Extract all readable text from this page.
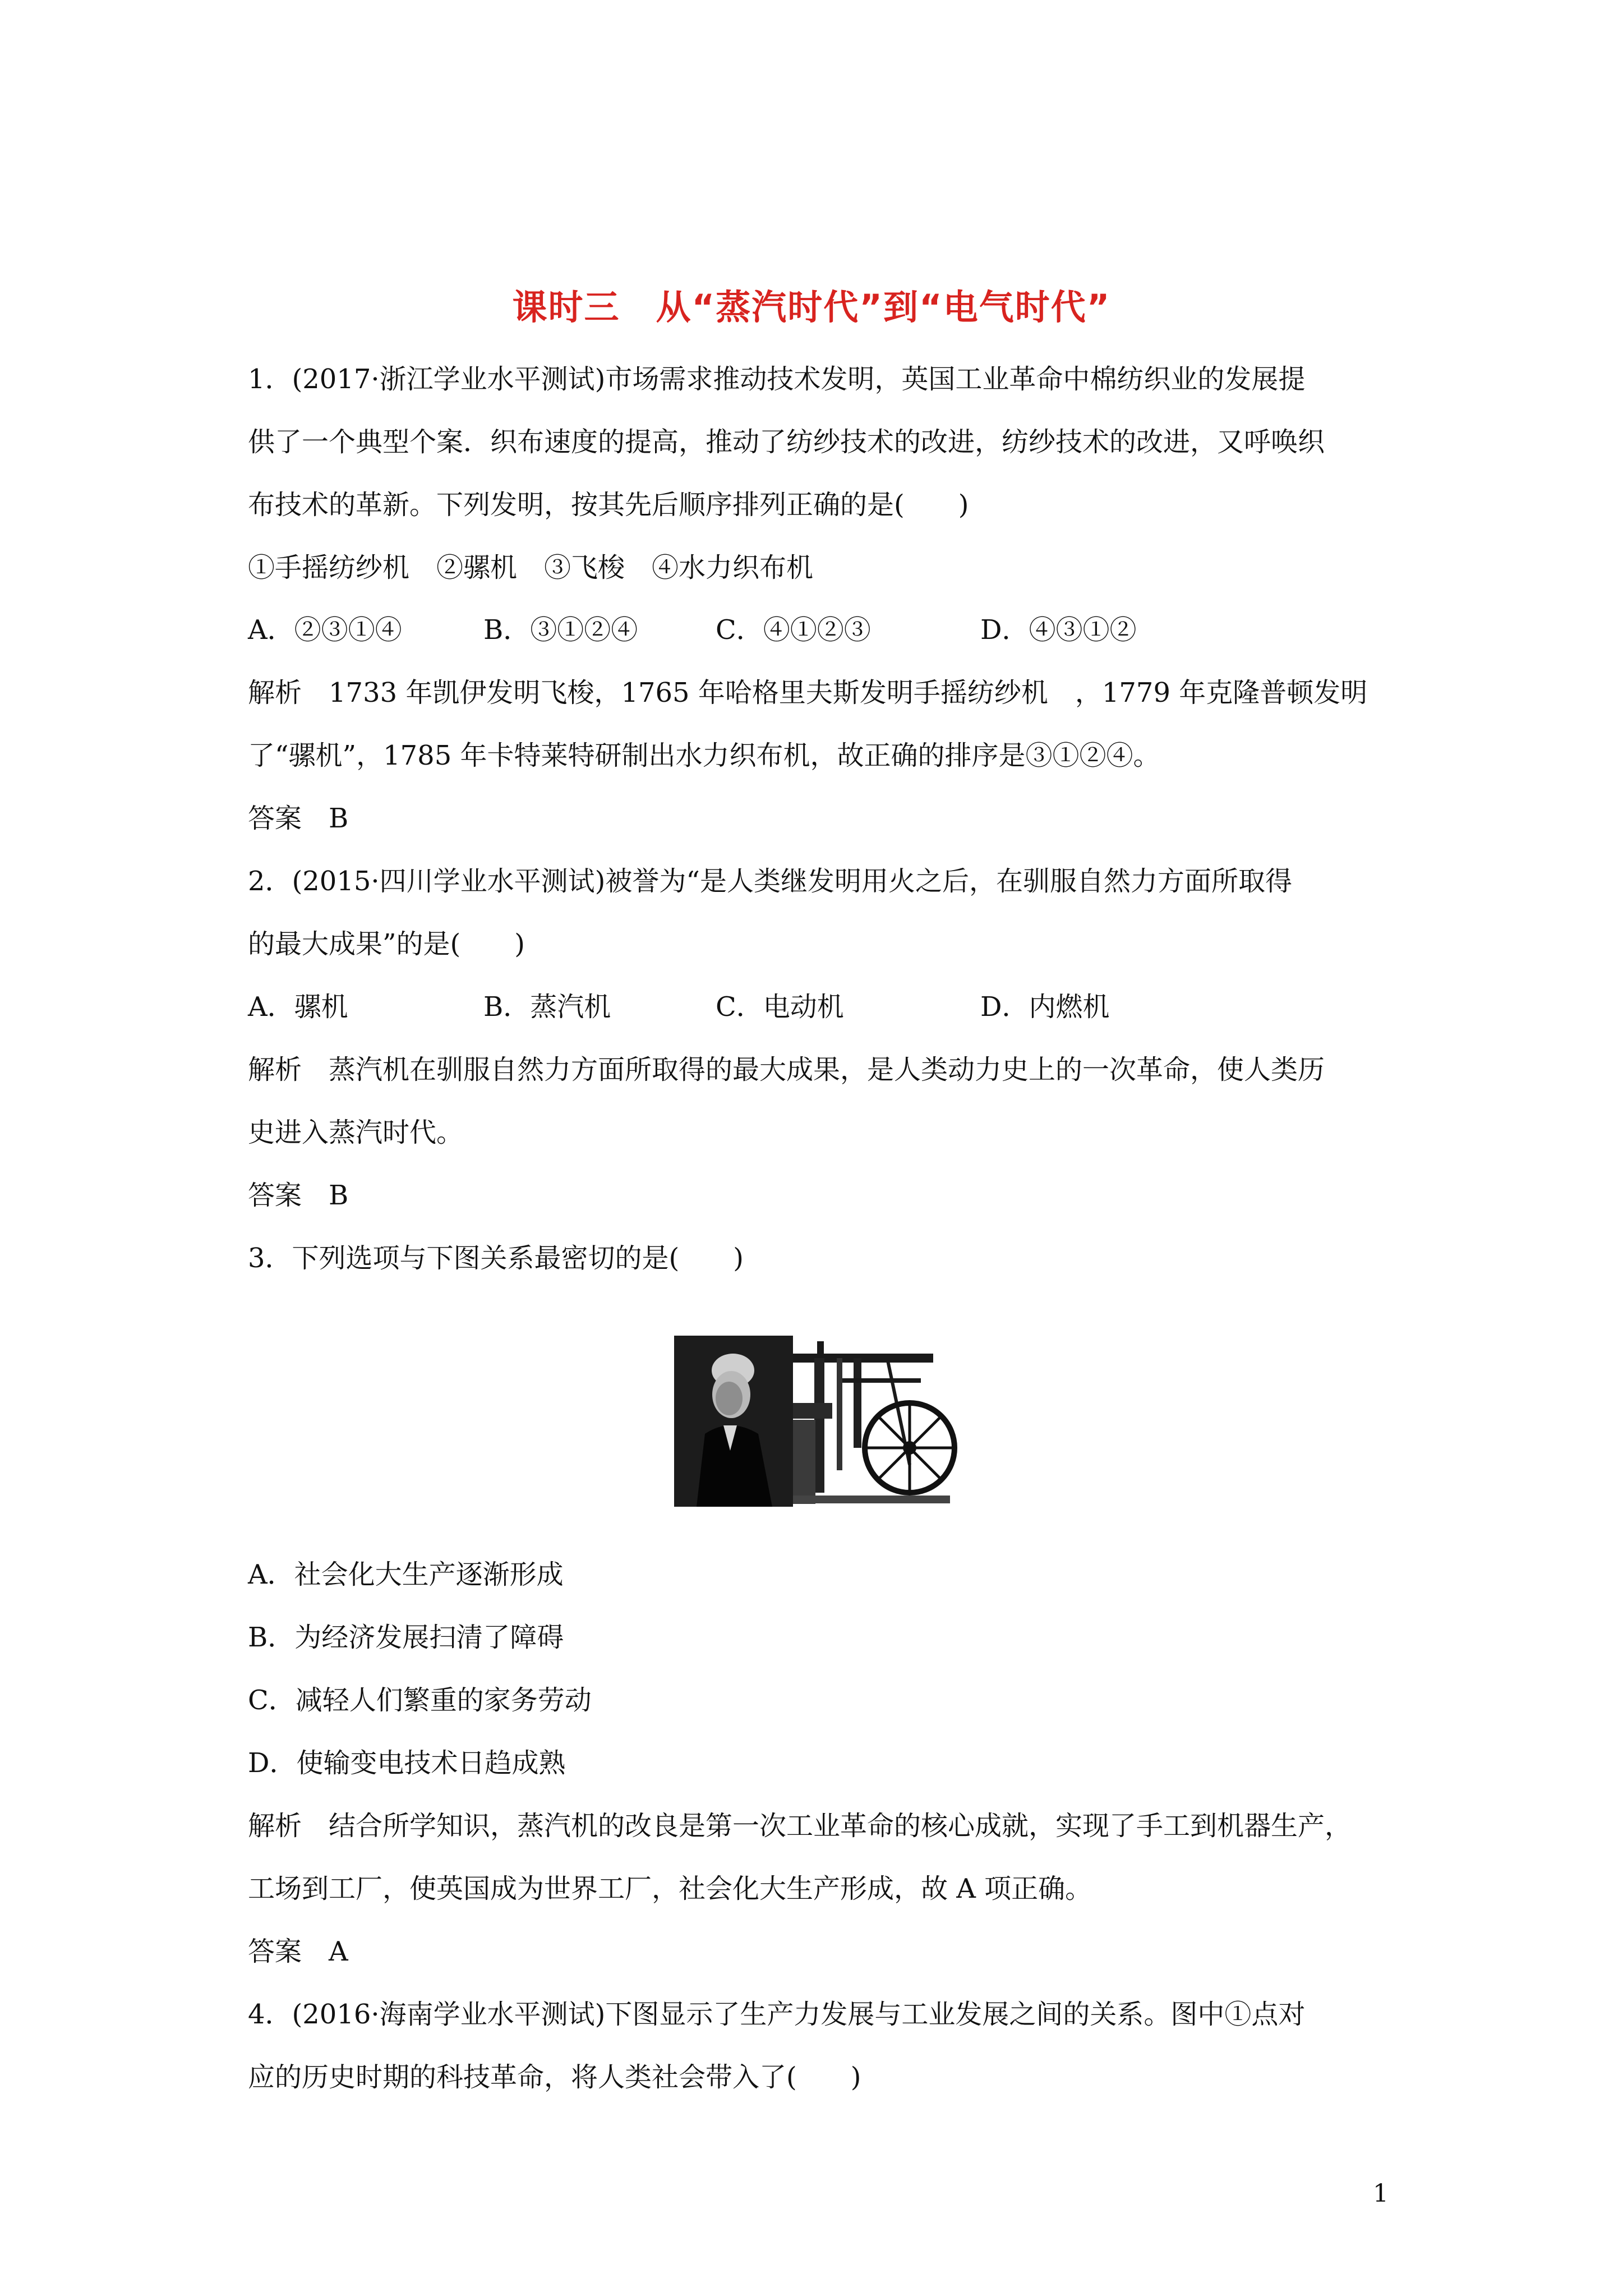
课时三　从“蒸汽时代”到“电气时代”

1．(2017·浙江学业水平测试)市场需求推动技术发明，英国工业革命中棉纺织业的发展提

供了一个典型个案．织布速度的提高，推动了纺纱技术的改进，纺纱技术的改进，又呼唤织

布技术的革新。下列发明，按其先后顺序排列正确的是(　　)

①手摇纺纱机　②骡机　③飞梭　④水力织布机

A．②③①④	B．③①②④	C．④①②③	D．④③①②

解析　1733 年凯伊发明飞梭，1765 年哈格里夫斯发明手摇纺纱机　，1779 年克隆普顿发明

了“骡机”，1785 年卡特莱特研制出水力织布机，故正确的排序是③①②④。

答案　B

2．(2015·四川学业水平测试)被誉为“是人类继发明用火之后，在驯服自然力方面所取得

的最大成果”的是(　　)

A．骡机	B．蒸汽机	C．电动机	D．内燃机

解析　蒸汽机在驯服自然力方面所取得的最大成果，是人类动力史上的一次革命，使人类历

史进入蒸汽时代。

答案　B

3．下列选项与下图关系最密切的是(　　)

A．社会化大生产逐渐形成

B．为经济发展扫清了障碍

C．减轻人们繁重的家务劳动

D．使输变电技术日趋成熟

解析　结合所学知识，蒸汽机的改良是第一次工业革命的核心成就，实现了手工到机器生产，

工场到工厂，使英国成为世界工厂，社会化大生产形成，故 A 项正确。

答案　A

4．(2016·海南学业水平测试)下图显示了生产力发展与工业发展之间的关系。图中①点对

应的历史时期的科技革命，将人类社会带入了(　　)

1
